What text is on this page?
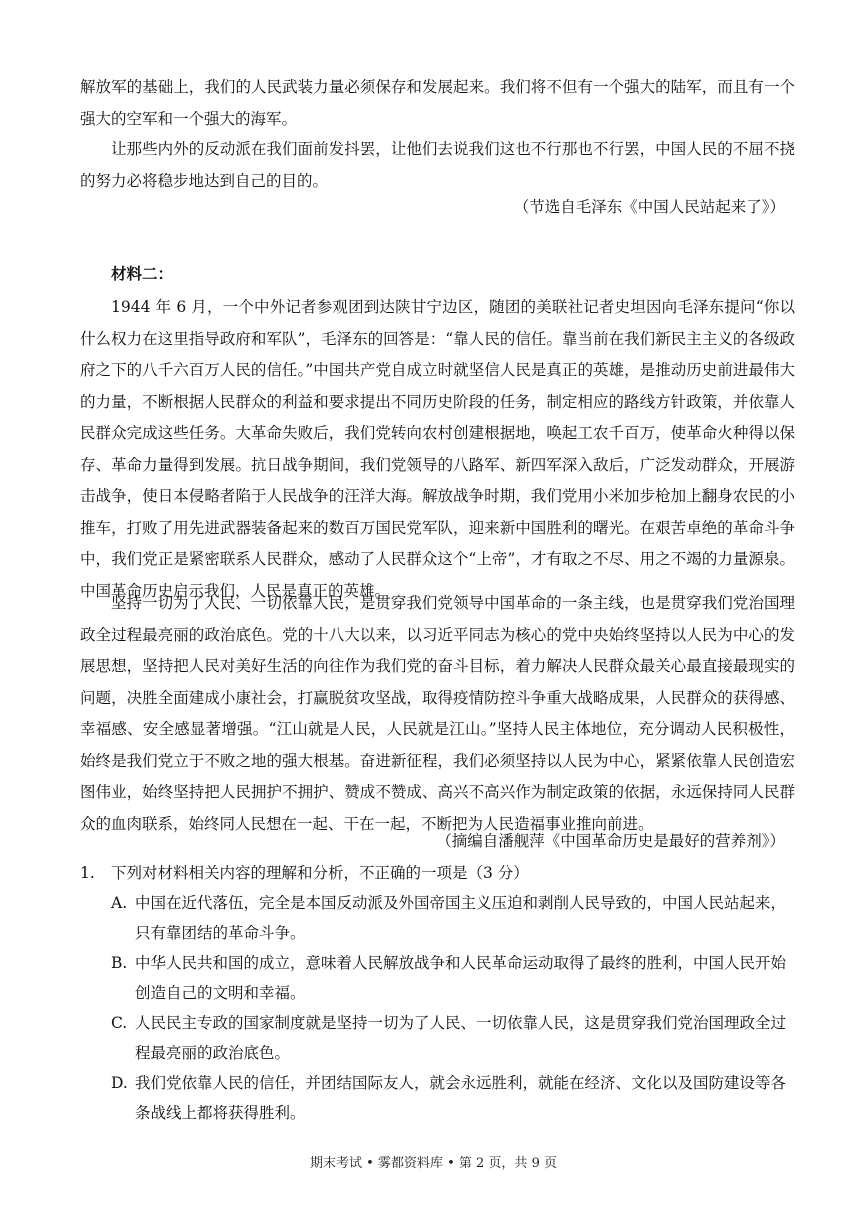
解放军的基础上，我们的人民武装力量必须保存和发展起来。我们将不但有一个强大的陆军，而且有一个强大的空军和一个强大的海军。

让那些内外的反动派在我们面前发抖罢，让他们去说我们这也不行那也不行罢，中国人民的不屈不挠的努力必将稳步地达到自己的目的。

（节选自毛泽东《中国人民站起来了》）
材料二：

1944 年 6 月，一个中外记者参观团到达陕甘宁边区，随团的美联社记者史坦因向毛泽东提问“你以什么权力在这里指导政府和军队”，毛泽东的回答是：“靠人民的信任。靠当前在我们新民主主义的各级政府之下的八千六百万人民的信任。”中国共产党自成立时就坚信人民是真正的英雄，是推动历史前进最伟大的力量，不断根据人民群众的利益和要求提出不同历史阶段的任务，制定相应的路线方针政策，并依靠人民群众完成这些任务。大革命失败后，我们党转向农村创建根据地，唤起工农千百万，使革命火种得以保存、革命力量得到发展。抗日战争期间，我们党领导的八路军、新四军深入敌后，广泛发动群众，开展游击战争，使日本侵略者陷于人民战争的汪洋大海。解放战争时期，我们党用小米加步枪加上翻身农民的小推车，打败了用先进武器装备起来的数百万国民党军队，迎来新中国胜利的曙光。在艰苦卓绝的革命斗争中，我们党正是紧密联系人民群众，感动了人民群众这个“上帝”，才有取之不尽、用之不竭的力量源泉。中国革命历史启示我们，人民是真正的英雄。

坚持一切为了人民、一切依靠人民，是贯穿我们党领导中国革命的一条主线，也是贯穿我们党治国理政全过程最亮丽的政治底色。党的十八大以来，以习近平同志为核心的党中央始终坚持以人民为中心的发展思想，坚持把人民对美好生活的向往作为我们党的奋斗目标，着力解决人民群众最关心最直接最现实的问题，决胜全面建成小康社会，打赢脱贫攻坚战，取得疫情防控斗争重大战略成果，人民群众的获得感、幸福感、安全感显著增强。“江山就是人民，人民就是江山。”坚持人民主体地位，充分调动人民积极性，始终是我们党立于不败之地的强大根基。奋进新征程，我们必须坚持以人民为中心，紧紧依靠人民创造宏图伟业，始终坚持把人民拥护不拥护、赞成不赞成、高兴不高兴作为制定政策的依据，永远保持同人民群众的血肉联系，始终同人民想在一起、干在一起，不断把为人民造福事业推向前进。

（摘编自潘舰萍《中国革命历史是最好的营养剂》）
1. 下列对材料相关内容的理解和分析，不正确的一项是（3 分）
A. 中国在近代落伍，完全是本国反动派及外国帝国主义压迫和剥削人民导致的，中国人民站起来，
只有靠团结的革命斗争。
B. 中华人民共和国的成立，意味着人民解放战争和人民革命运动取得了最终的胜利，中国人民开始
创造自己的文明和幸福。
C. 人民民主专政的国家制度就是坚持一切为了人民、一切依靠人民，这是贯穿我们党治国理政全过
程最亮丽的政治底色。
D. 我们党依靠人民的信任，并团结国际友人，就会永远胜利，就能在经济、文化以及国防建设等各
条战线上都将获得胜利。
期末考试 • 雾都资料库 • 第 2 页，共 9 页
